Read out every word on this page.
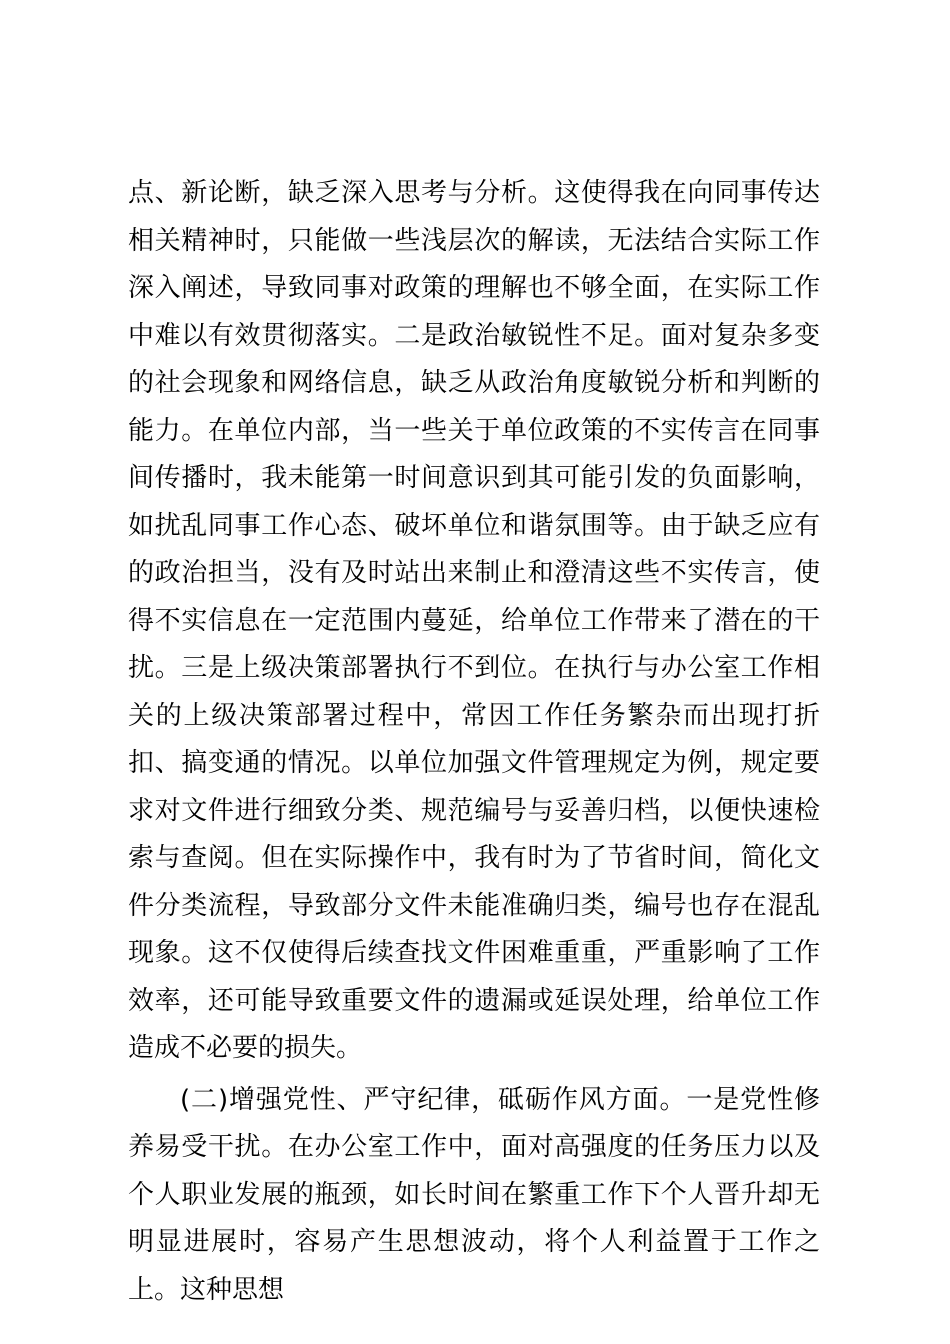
点、新论断，缺乏深入思考与分析。这使得我在向同事传达相关精神时，只能做一些浅层次的解读，无法结合实际工作深入阐述，导致同事对政策的理解也不够全面，在实际工作中难以有效贯彻落实。二是政治敏锐性不足。面对复杂多变的社会现象和网络信息，缺乏从政治角度敏锐分析和判断的能力。在单位内部，当一些关于单位政策的不实传言在同事间传播时，我未能第一时间意识到其可能引发的负面影响，如扰乱同事工作心态、破坏单位和谐氛围等。由于缺乏应有的政治担当，没有及时站出来制止和澄清这些不实传言，使得不实信息在一定范围内蔓延，给单位工作带来了潜在的干扰。三是上级决策部署执行不到位。在执行与办公室工作相关的上级决策部署过程中，常因工作任务繁杂而出现打折扣、搞变通的情况。以单位加强文件管理规定为例，规定要求对文件进行细致分类、规范编号与妥善归档，以便快速检索与查阅。但在实际操作中，我有时为了节省时间，简化文件分类流程，导致部分文件未能准确归类，编号也存在混乱现象。这不仅使得后续查找文件困难重重，严重影响了工作效率，还可能导致重要文件的遗漏或延误处理，给单位工作造成不必要的损失。

(二)增强党性、严守纪律，砥砺作风方面。一是党性修养易受干扰。在办公室工作中，面对高强度的任务压力以及个人职业发展的瓶颈，如长时间在繁重工作下个人晋升却无明显进展时，容易产生思想波动，将个人利益置于工作之上。这种思想
